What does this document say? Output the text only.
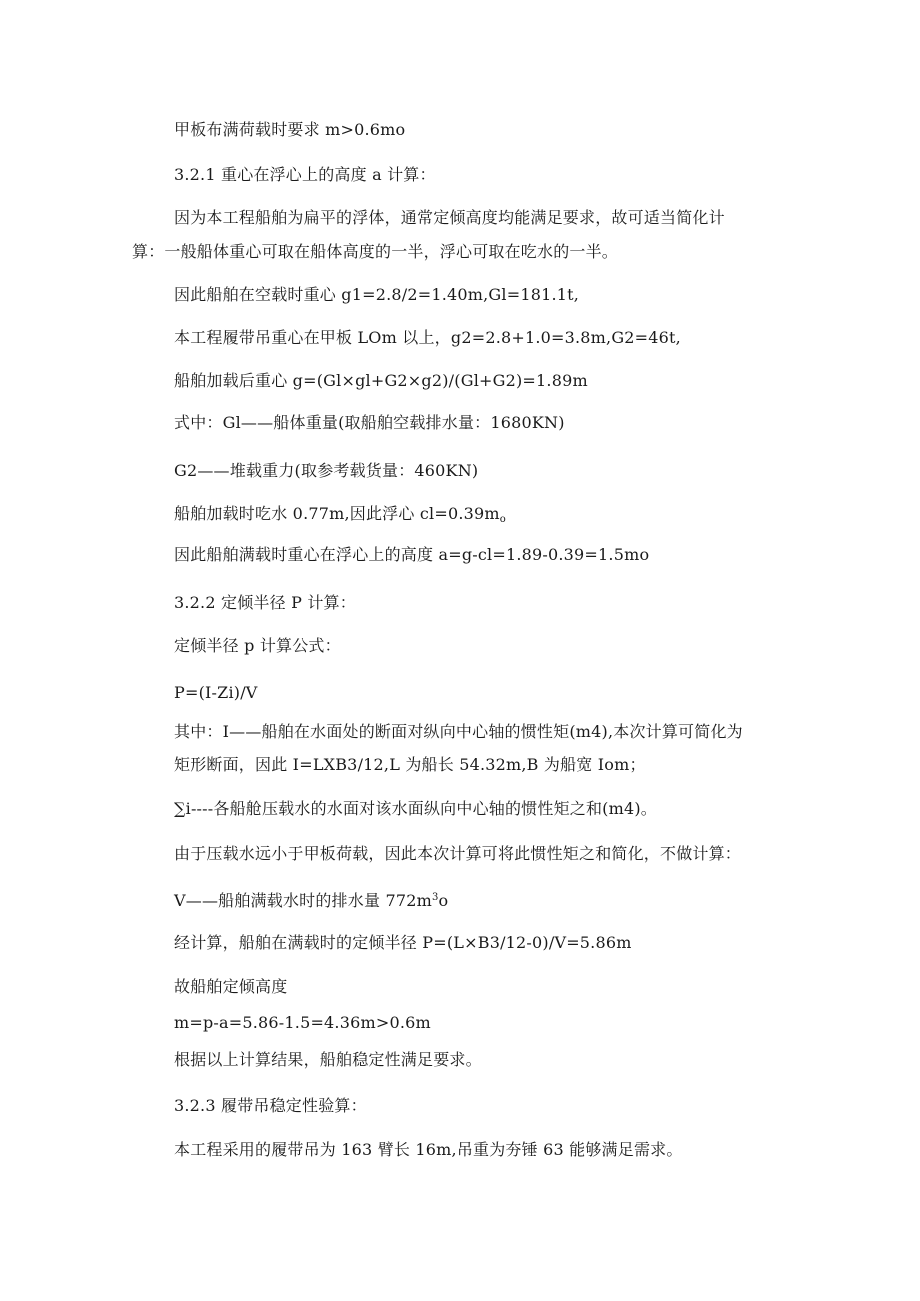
甲板布满荷载时要求 m>0.6mo
3.2.1 重心在浮心上的高度 a 计算：
因为本工程船舶为扁平的浮体，通常定倾高度均能满足要求，故可适当简化计
算：一般船体重心可取在船体高度的一半，浮心可取在吃水的一半。
因此船舶在空载时重心 g1=2.8/2=1.40m,Gl=181.1t,
本工程履带吊重心在甲板 LOm 以上，g2=2.8+1.0=3.8m,G2=46t,
船舶加载后重心 g=(Gl×gl+G2×g2)/(Gl+G2)=1.89m
式中：Gl——船体重量(取船舶空载排水量：1680KN)
G2——堆载重力(取参考载货量：460KN)
船舶加载时吃水 0.77m,因此浮心 $cl=0.39m_o$
因此船舶满载时重心在浮心上的高度 a=g-cl=1.89-0.39=1.5mo
3.2.2 定倾半径 P 计算：
定倾半径 p 计算公式：
P=(I-Zi)/V
其中：I——船舶在水面处的断面对纵向中心轴的惯性矩(m4),本次计算可简化为
矩形断面，因此 I=LXB3/12,L 为船长 54.32m,B 为船宽 Iom；
∑i----各船舱压载水的水面对该水面纵向中心轴的惯性矩之和(m4)。
由于压载水远小于甲板荷载，因此本次计算可将此惯性矩之和简化，不做计算：
V——船舶满载水时的排水量 $772m^3o$
经计算，船舶在满载时的定倾半径 P=(L×B3/12-0)/V=5.86m
故船舶定倾高度
m=p-a=5.86-1.5=4.36m>0.6m
根据以上计算结果，船舶稳定性满足要求。
3.2.3 履带吊稳定性验算：
本工程采用的履带吊为 163 臂长 16m,吊重为夯锤 63 能够满足需求。
